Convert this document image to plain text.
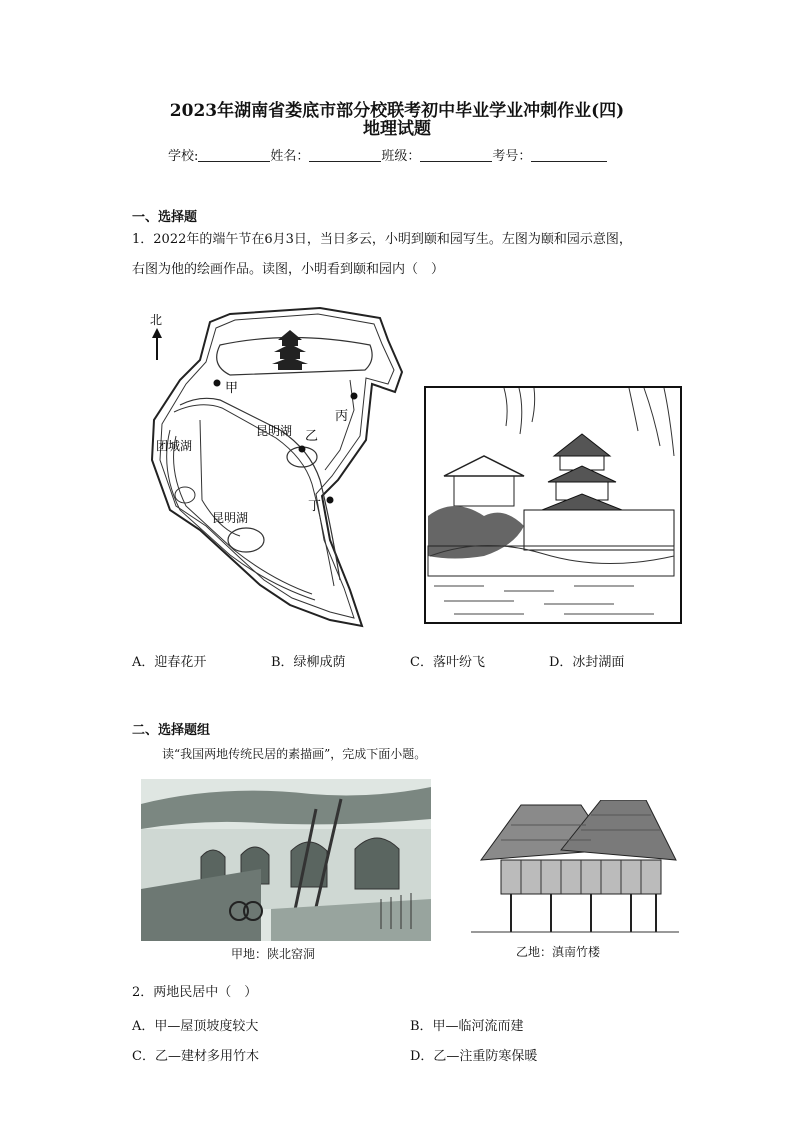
2023年湖南省娄底市部分校联考初中毕业学业冲刺作业(四)
地理试题
学校:	姓名：	班级：	考号：
一、选择题
1．2022年的端午节在6月3日，当日多云，小明到颐和园写生。左图为颐和园示意图，
右图为他的绘画作品。读图，小明看到颐和园内（　）
北
甲
丙
乙
丁
团城湖
昆明湖
昆明湖
A．迎春花开	B．绿柳成荫	C．落叶纷飞	D．冰封湖面
二、选择题组
读“我国两地传统民居的素描画”，完成下面小题。
甲地：陕北窑洞	乙地：滇南竹楼
2．两地民居中（　）
A．甲—屋顶坡度较大	B．甲—临河流而建
C．乙—建材多用竹木	D．乙—注重防寒保暖
